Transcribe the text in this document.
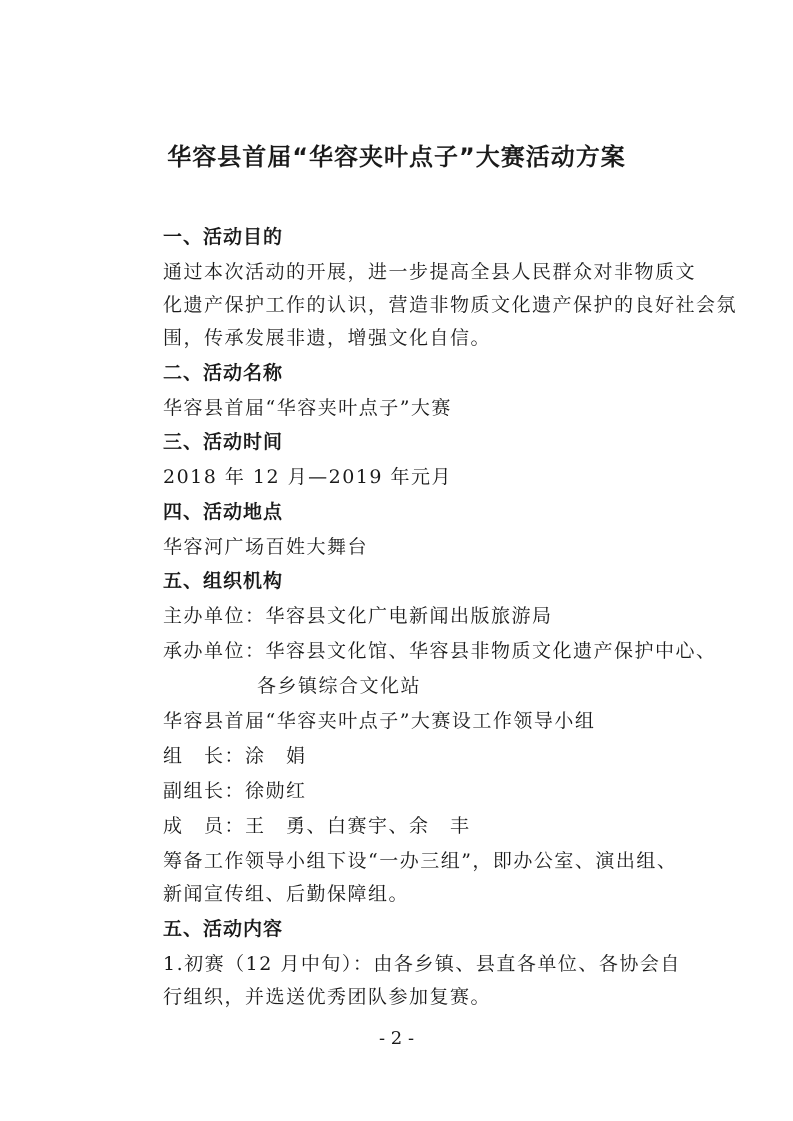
华容县首届“华容夹叶点子”大赛活动方案
一、活动目的
通过本次活动的开展，进一步提高全县人民群众对非物质文
化遗产保护工作的认识，营造非物质文化遗产保护的良好社会氛
围，传承发展非遗，增强文化自信。
二、活动名称
华容县首届“华容夹叶点子”大赛
三、活动时间
2018 年 12 月—2019 年元月
四、活动地点
华容河广场百姓大舞台
五、组织机构
主办单位：华容县文化广电新闻出版旅游局
承办单位：华容县文化馆、华容县非物质文化遗产保护中心、
各乡镇综合文化站
华容县首届“华容夹叶点子”大赛设工作领导小组
组　长：涂　娟
副组长：徐勋红
成　员：王　勇、白赛宇、余　丰
筹备工作领导小组下设“一办三组”，即办公室、演出组、
新闻宣传组、后勤保障组。
五、活动内容
1.初赛（12 月中旬）：由各乡镇、县直各单位、各协会自
行组织，并选送优秀团队参加复赛。
- 2 -
